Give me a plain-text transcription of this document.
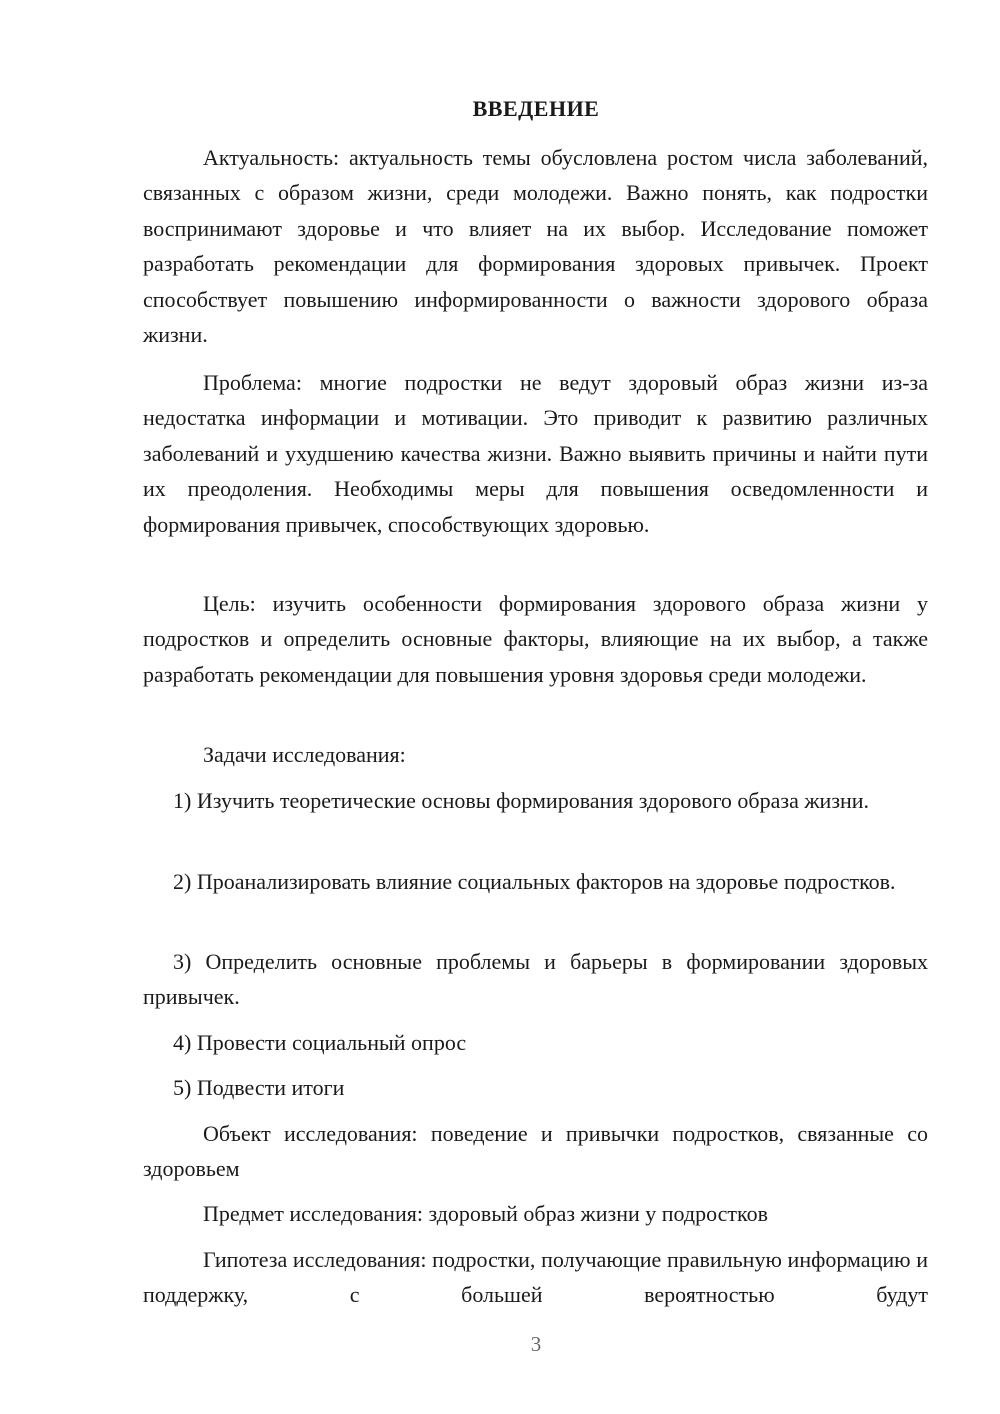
ВВЕДЕНИЕ

Актуальность: актуальность темы обусловлена ростом числа заболеваний, связанных с образом жизни, среди молодежи. Важно понять, как подростки воспринимают здоровье и что влияет на их выбор. Исследование поможет разработать рекомендации для формирования здоровых привычек. Проект способствует повышению информированности о важности здорового образа жизни.

Проблема: многие подростки не ведут здоровый образ жизни из-за недостатка информации и мотивации. Это приводит к развитию различных заболеваний и ухудшению качества жизни. Важно выявить причины и найти пути их преодоления. Необходимы меры для повышения осведомленности и формирования привычек, способствующих здоровью.

Цель: изучить особенности формирования здорового образа жизни у подростков и определить основные факторы, влияющие на их выбор, а также разработать рекомендации для повышения уровня здоровья среди молодежи.

Задачи исследования:

1) Изучить теоретические основы формирования здорового образа жизни.

2) Проанализировать влияние социальных факторов на здоровье подростков.

3) Определить основные проблемы и барьеры в формировании здоровых привычек.

4) Провести социальный опрос

5) Подвести итоги

Объект исследования: поведение и привычки подростков, связанные со здоровьем

Предмет исследования: здоровый образ жизни у подростков

Гипотеза исследования: подростки, получающие правильную информацию и поддержку, с большей вероятностью будут

3
